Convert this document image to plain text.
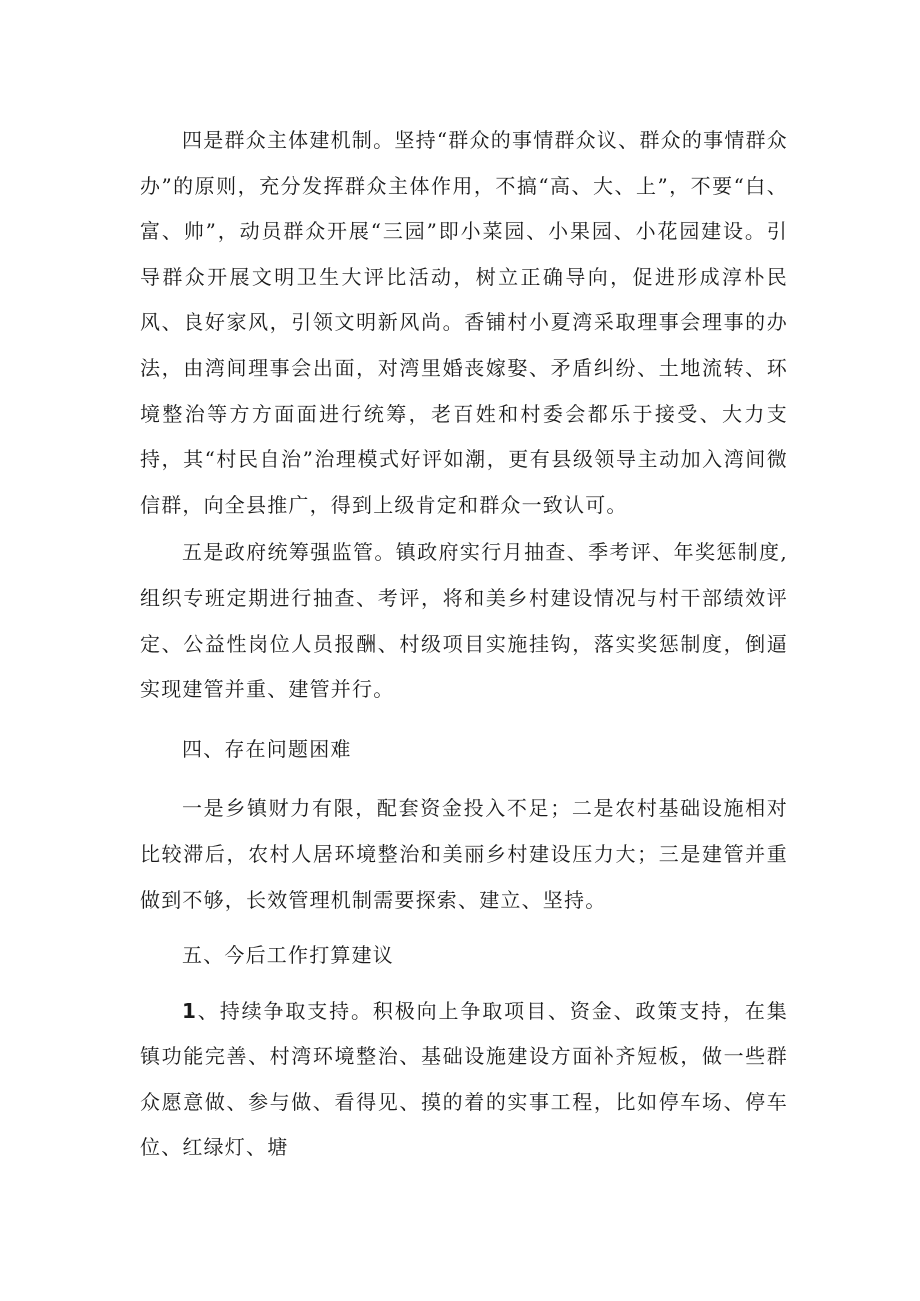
四是群众主体建机制。坚持“群众的事情群众议、群众的事情群众办”的原则，充分发挥群众主体作用，不搞“高、大、上”，不要“白、富、帅”，动员群众开展“三园”即小菜园、小果园、小花园建设。引导群众开展文明卫生大评比活动，树立正确导向，促进形成淳朴民风、良好家风，引领文明新风尚。香铺村小夏湾采取理事会理事的办法，由湾间理事会出面，对湾里婚丧嫁娶、矛盾纠纷、土地流转、环境整治等方方面面进行统筹，老百姓和村委会都乐于接受、大力支持，其“村民自治”治理模式好评如潮，更有县级领导主动加入湾间微信群，向全县推广，得到上级肯定和群众一致认可。

五是政府统筹强监管。镇政府实行月抽查、季考评、年奖惩制度,组织专班定期进行抽查、考评，将和美乡村建设情况与村干部绩效评定、公益性岗位人员报酬、村级项目实施挂钩，落实奖惩制度，倒逼实现建管并重、建管并行。

四、存在问题困难

一是乡镇财力有限，配套资金投入不足；二是农村基础设施相对比较滞后，农村人居环境整治和美丽乡村建设压力大；三是建管并重做到不够，长效管理机制需要探索、建立、坚持。

五、今后工作打算建议

1、持续争取支持。积极向上争取项目、资金、政策支持，在集镇功能完善、村湾环境整治、基础设施建设方面补齐短板，做一些群众愿意做、参与做、看得见、摸的着的实事工程，比如停车场、停车位、红绿灯、塘
